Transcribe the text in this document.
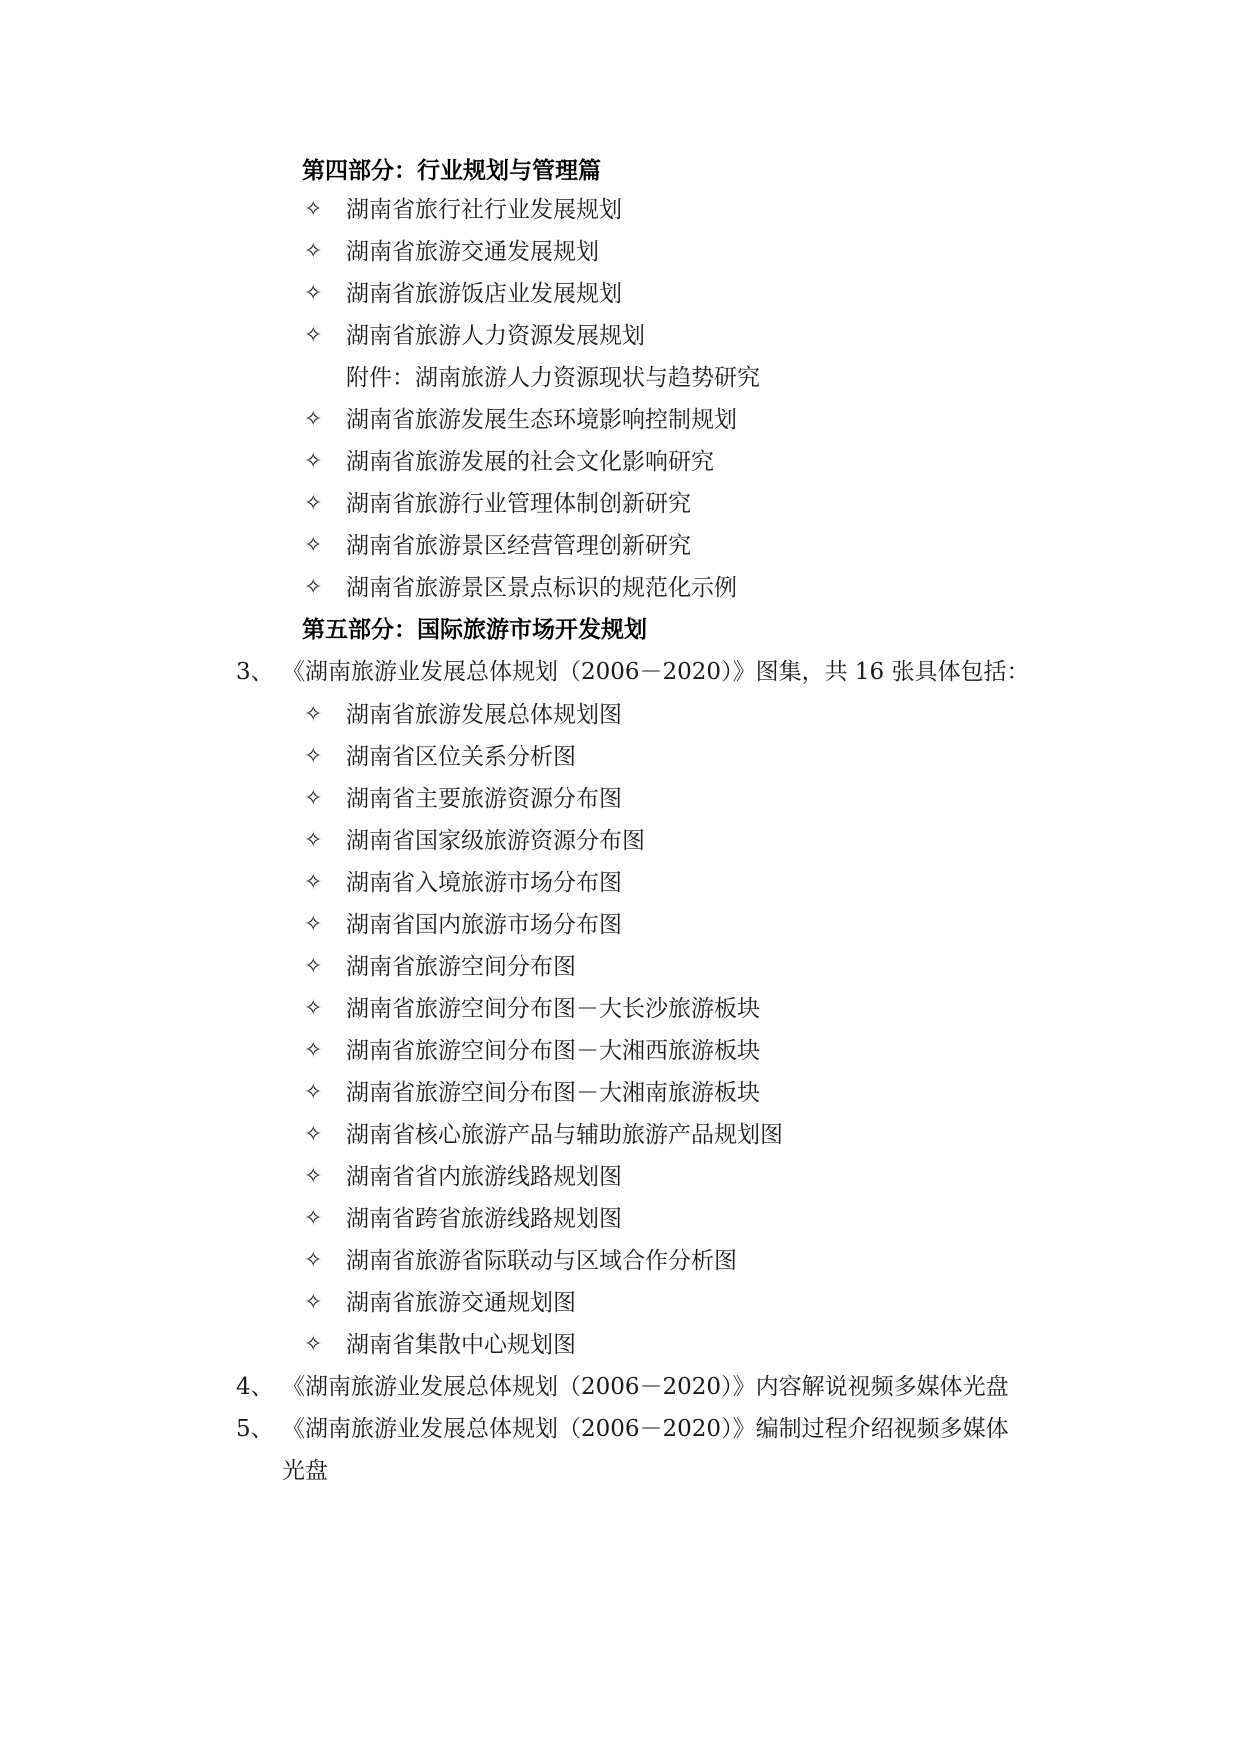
第四部分：行业规划与管理篇
✧ 湖南省旅行社行业发展规划
✧ 湖南省旅游交通发展规划
✧ 湖南省旅游饭店业发展规划
✧ 湖南省旅游人力资源发展规划
附件：湖南旅游人力资源现状与趋势研究
✧ 湖南省旅游发展生态环境影响控制规划
✧ 湖南省旅游发展的社会文化影响研究
✧ 湖南省旅游行业管理体制创新研究
✧ 湖南省旅游景区经营管理创新研究
✧ 湖南省旅游景区景点标识的规范化示例
第五部分：国际旅游市场开发规划
3、 《湖南旅游业发展总体规划（2006－2020）》图集，共 16 张具体包括：
✧ 湖南省旅游发展总体规划图
✧ 湖南省区位关系分析图
✧ 湖南省主要旅游资源分布图
✧ 湖南省国家级旅游资源分布图
✧ 湖南省入境旅游市场分布图
✧ 湖南省国内旅游市场分布图
✧ 湖南省旅游空间分布图
✧ 湖南省旅游空间分布图－大长沙旅游板块
✧ 湖南省旅游空间分布图－大湘西旅游板块
✧ 湖南省旅游空间分布图－大湘南旅游板块
✧ 湖南省核心旅游产品与辅助旅游产品规划图
✧ 湖南省省内旅游线路规划图
✧ 湖南省跨省旅游线路规划图
✧ 湖南省旅游省际联动与区域合作分析图
✧ 湖南省旅游交通规划图
✧ 湖南省集散中心规划图
4、 《湖南旅游业发展总体规划（2006－2020）》内容解说视频多媒体光盘
5、 《湖南旅游业发展总体规划（2006－2020）》编制过程介绍视频多媒体
光盘
